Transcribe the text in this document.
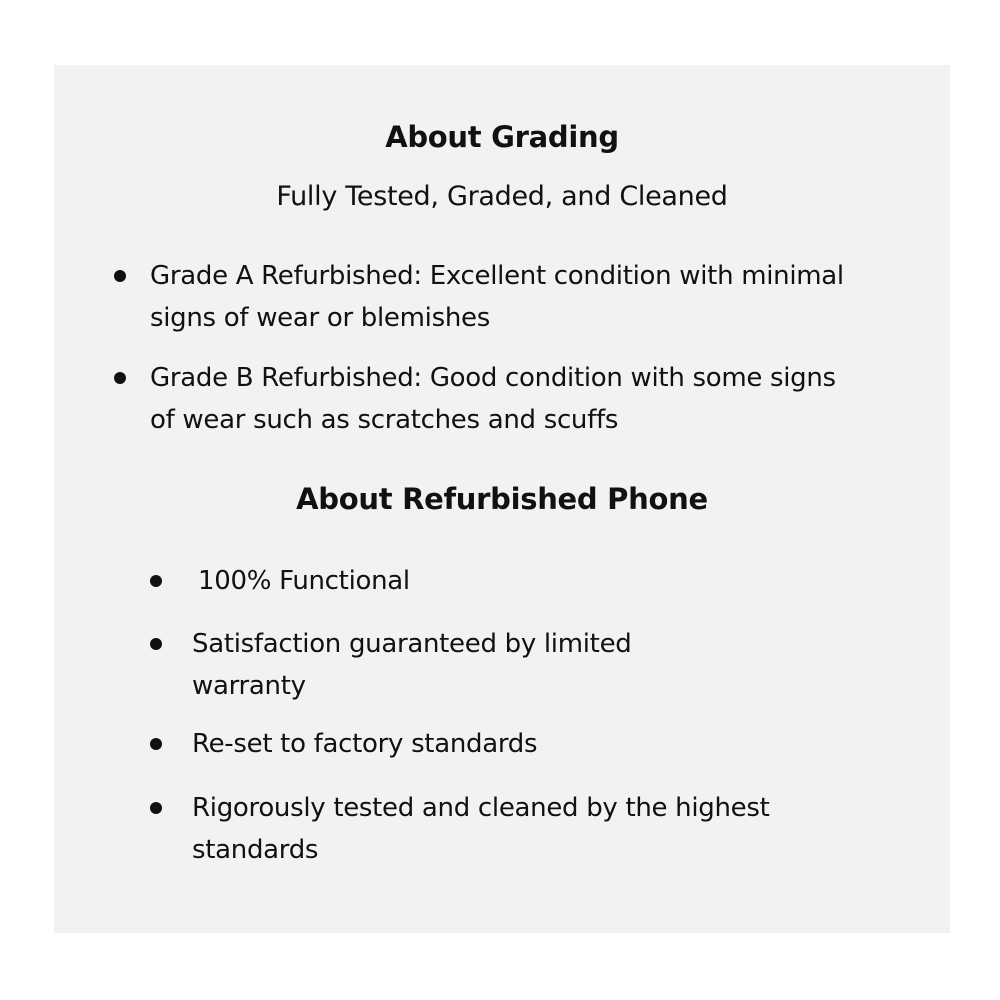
About Grading
Fully Tested, Graded, and Cleaned
Grade A Refurbished: Excellent condition with minimal
signs of wear or blemishes
Grade B Refurbished: Good condition with some signs
of wear such as scratches and scuffs
About Refurbished Phone
100% Functional
Satisfaction guaranteed by limited
warranty
Re-set to factory standards
Rigorously tested and cleaned by the highest
standards
